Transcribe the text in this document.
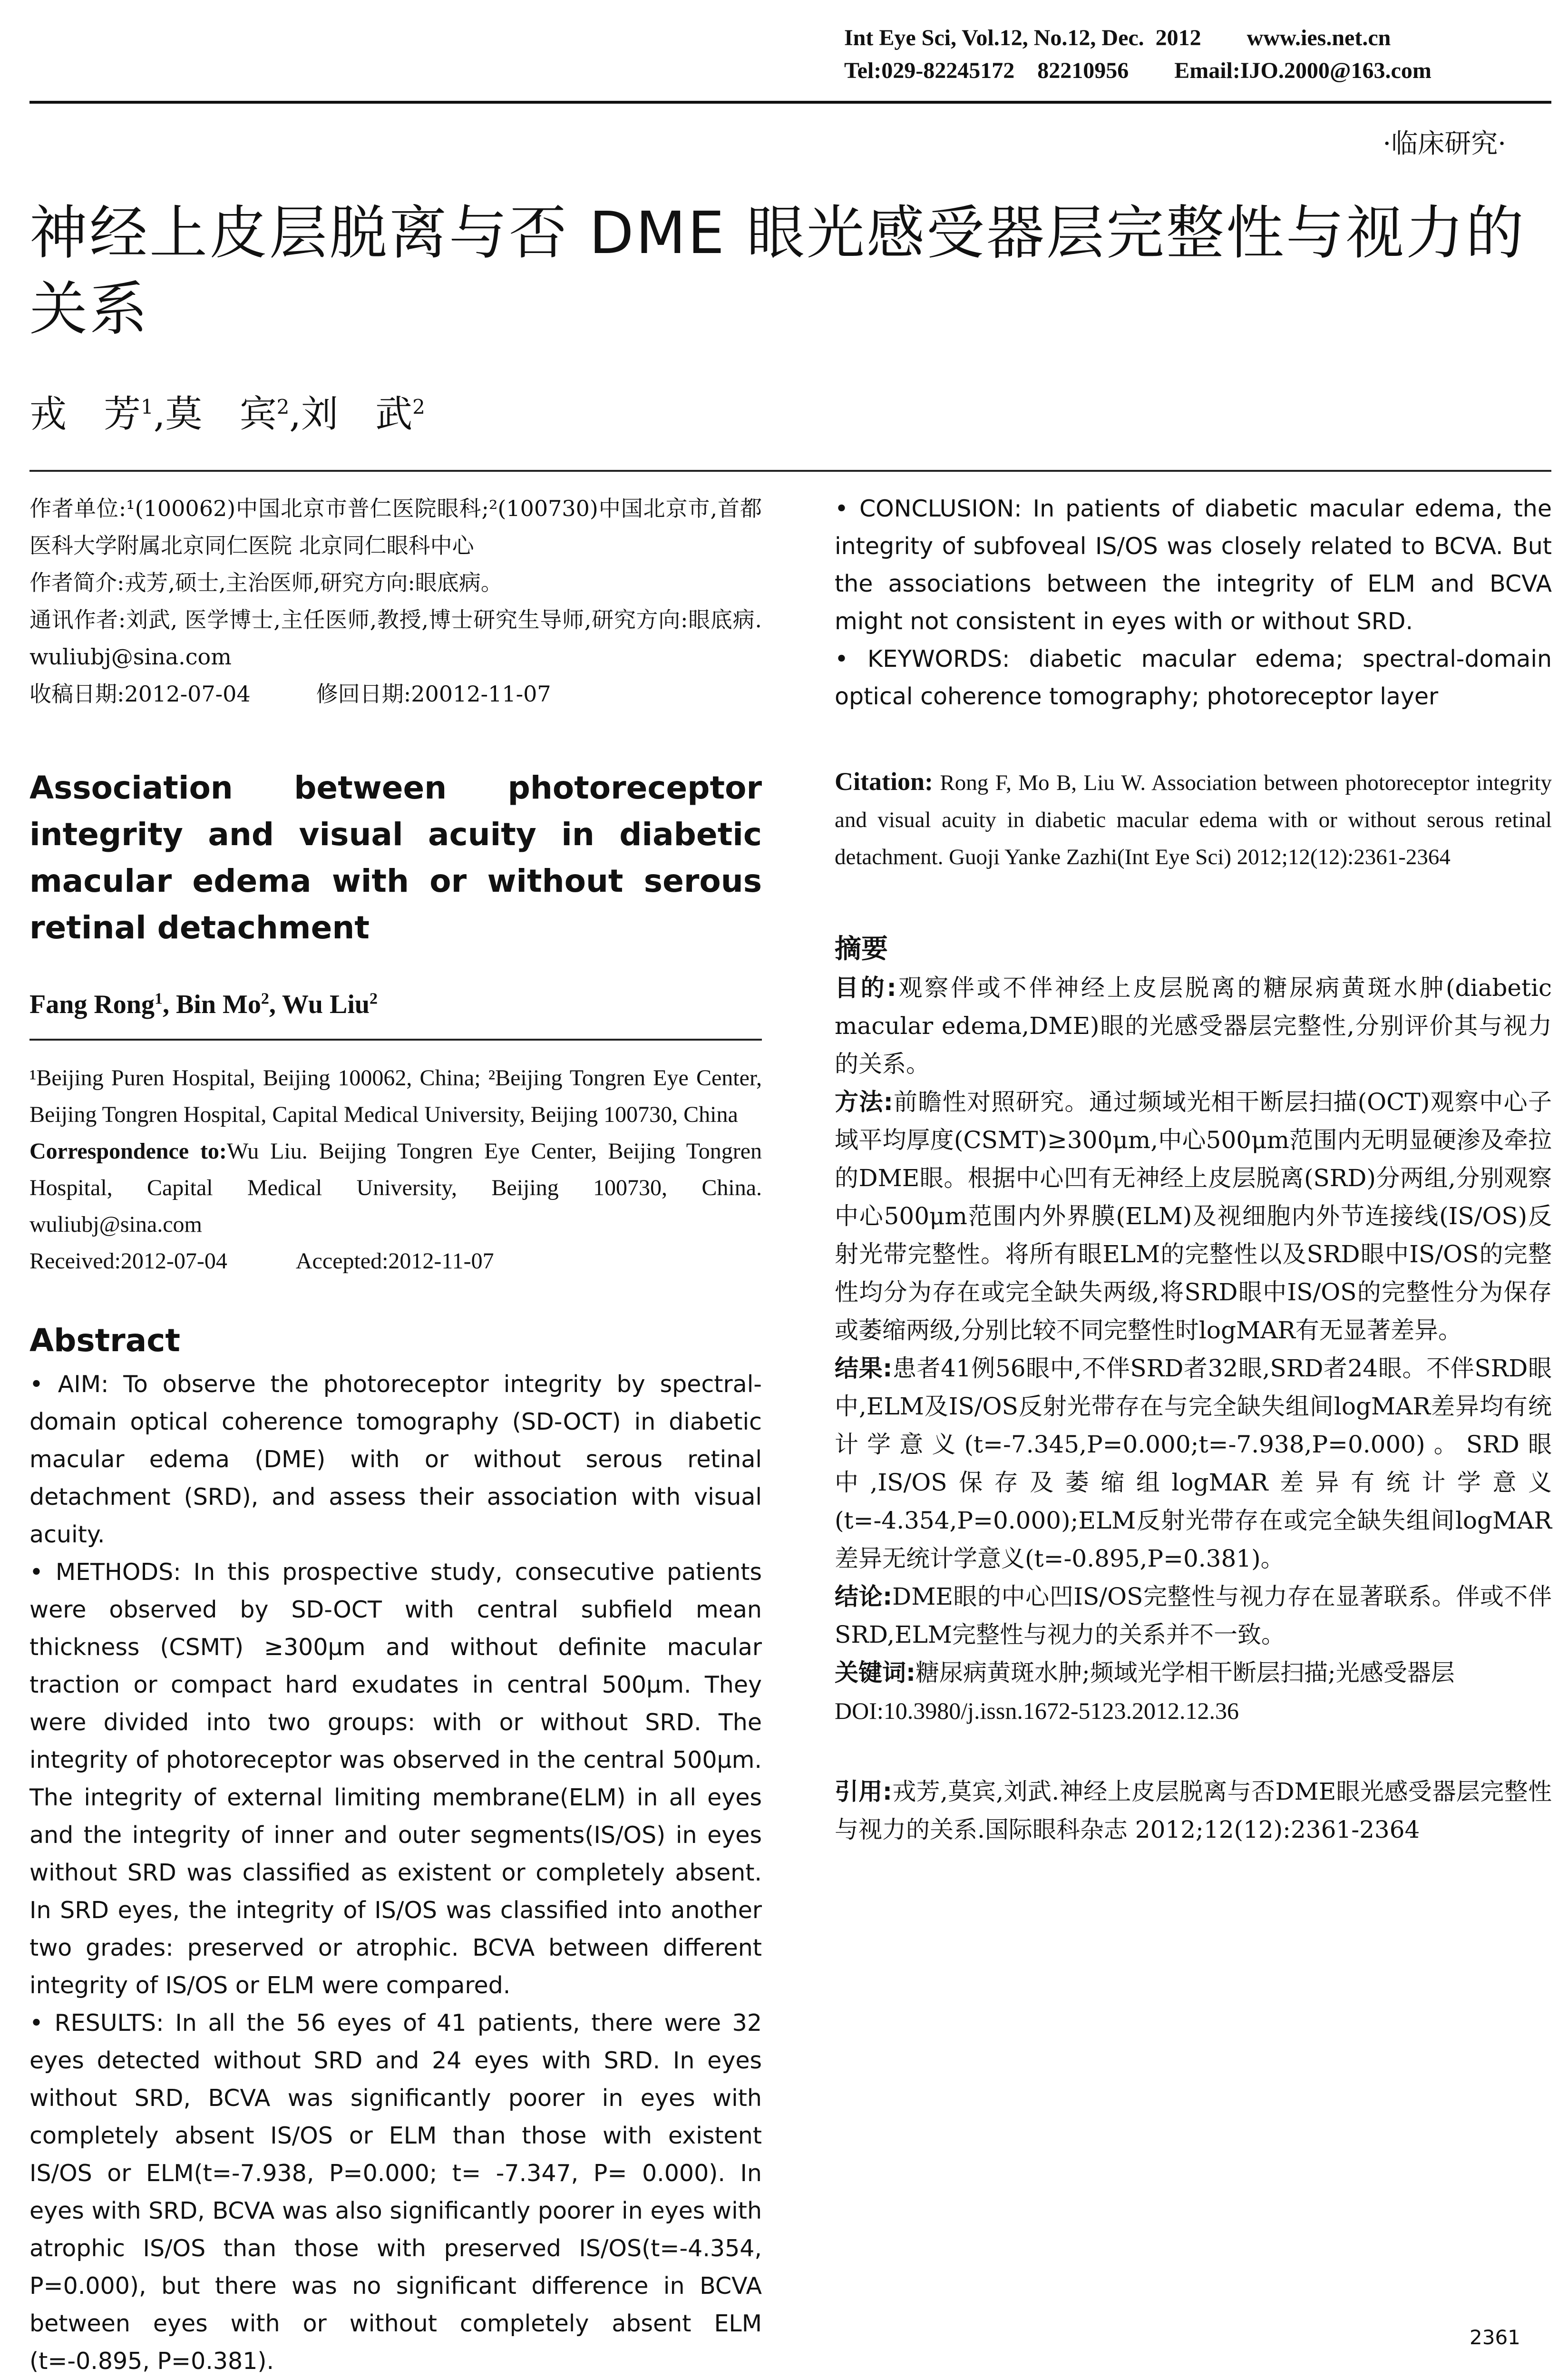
Int Eye Sci, Vol.12, No.12, Dec.  2012        www.ies.net.cn
Tel:029-82245172    82210956        Email:IJO.2000@163.com
·临床研究·
神经上皮层脱离与否 DME 眼光感受器层完整性与视力的关系
戎　芳$^1$,莫　宾$^2$,刘　武$^2$

作者单位:¹(100062)中国北京市普仁医院眼科;²(100730)中国北京市,首都医科大学附属北京同仁医院 北京同仁眼科中心

作者简介:戎芳,硕士,主治医师,研究方向:眼底病。

通讯作者:刘武, 医学博士,主任医师,教授,博士研究生导师,研究方向:眼底病. wuliubj@sina.com

收稿日期:2012-07-04　　　修回日期:20012-11-07

Association between photoreceptor integrity and visual acuity in diabetic macular edema with or without serous retinal detachment

Fang Rong$^1$, Bin Mo$^2$, Wu Liu$^2$

¹Beijing Puren Hospital, Beijing 100062, China; ²Beijing Tongren Eye Center, Beijing Tongren Hospital, Capital Medical University, Beijing 100730, China

Correspondence to:Wu Liu. Beijing Tongren Eye Center, Beijing Tongren Hospital, Capital Medical University, Beijing 100730, China. wuliubj@sina.com

Received:2012-07-04　　　Accepted:2012-11-07

Abstract

• AIM: To observe the photoreceptor integrity by spectral-domain optical coherence tomography (SD-OCT) in diabetic macular edema (DME) with or without serous retinal detachment (SRD), and assess their association with visual acuity.

• METHODS: In this prospective study, consecutive patients were observed by SD-OCT with central subfield mean thickness (CSMT) ≥300μm and without definite macular traction or compact hard exudates in central 500μm. They were divided into two groups: with or without SRD. The integrity of photoreceptor was observed in the central 500μm. The integrity of external limiting membrane(ELM) in all eyes and the integrity of inner and outer segments(IS/OS) in eyes without SRD was classified as existent or completely absent. In SRD eyes, the integrity of IS/OS was classified into another two grades: preserved or atrophic. BCVA between different integrity of IS/OS or ELM were compared.

• RESULTS: In all the 56 eyes of 41 patients, there were 32 eyes detected without SRD and 24 eyes with SRD. In eyes without SRD, BCVA was significantly poorer in eyes with completely absent IS/OS or ELM than those with existent IS/OS or ELM(t=-7.938, P=0.000; t= -7.347, P= 0.000). In eyes with SRD, BCVA was also significantly poorer in eyes with atrophic IS/OS than those with preserved IS/OS(t=-4.354, P=0.000), but there was no significant difference in BCVA between eyes with or without completely absent ELM (t=-0.895, P=0.381).

• CONCLUSION: In patients of diabetic macular edema, the integrity of subfoveal IS/OS was closely related to BCVA. But the associations between the integrity of ELM and BCVA might not consistent in eyes with or without SRD.

• KEYWORDS: diabetic macular edema; spectral-domain optical coherence tomography; photoreceptor layer

Citation: Rong F, Mo B, Liu W. Association between photoreceptor integrity and visual acuity in diabetic macular edema with or without serous retinal detachment. Guoji Yanke Zazhi(Int Eye Sci) 2012;12(12):2361-2364

摘要

目的:观察伴或不伴神经上皮层脱离的糖尿病黄斑水肿(diabetic macular edema,DME)眼的光感受器层完整性,分别评价其与视力的关系。

方法:前瞻性对照研究。通过频域光相干断层扫描(OCT)观察中心子域平均厚度(CSMT)≥300μm,中心500μm范围内无明显硬渗及牵拉的DME眼。根据中心凹有无神经上皮层脱离(SRD)分两组,分别观察中心500μm范围内外界膜(ELM)及视细胞内外节连接线(IS/OS)反射光带完整性。将所有眼ELM的完整性以及SRD眼中IS/OS的完整性均分为存在或完全缺失两级,将SRD眼中IS/OS的完整性分为保存或萎缩两级,分别比较不同完整性时logMAR有无显著差异。

结果:患者41例56眼中,不伴SRD者32眼,SRD者24眼。不伴SRD眼中,ELM及IS/OS反射光带存在与完全缺失组间logMAR差异均有统计学意义(t=-7.345,P=0.000;t=-7.938,P=0.000)。SRD眼中,IS/OS保存及萎缩组logMAR差异有统计学意义(t=-4.354,P=0.000);ELM反射光带存在或完全缺失组间logMAR差异无统计学意义(t=-0.895,P=0.381)。

结论:DME眼的中心凹IS/OS完整性与视力存在显著联系。伴或不伴SRD,ELM完整性与视力的关系并不一致。

关键词:糖尿病黄斑水肿;频域光学相干断层扫描;光感受器层

DOI:10.3980/j.issn.1672-5123.2012.12.36

引用:戎芳,莫宾,刘武.神经上皮层脱离与否DME眼光感受器层完整性与视力的关系.国际眼科杂志 2012;12(12):2361-2364

2361
